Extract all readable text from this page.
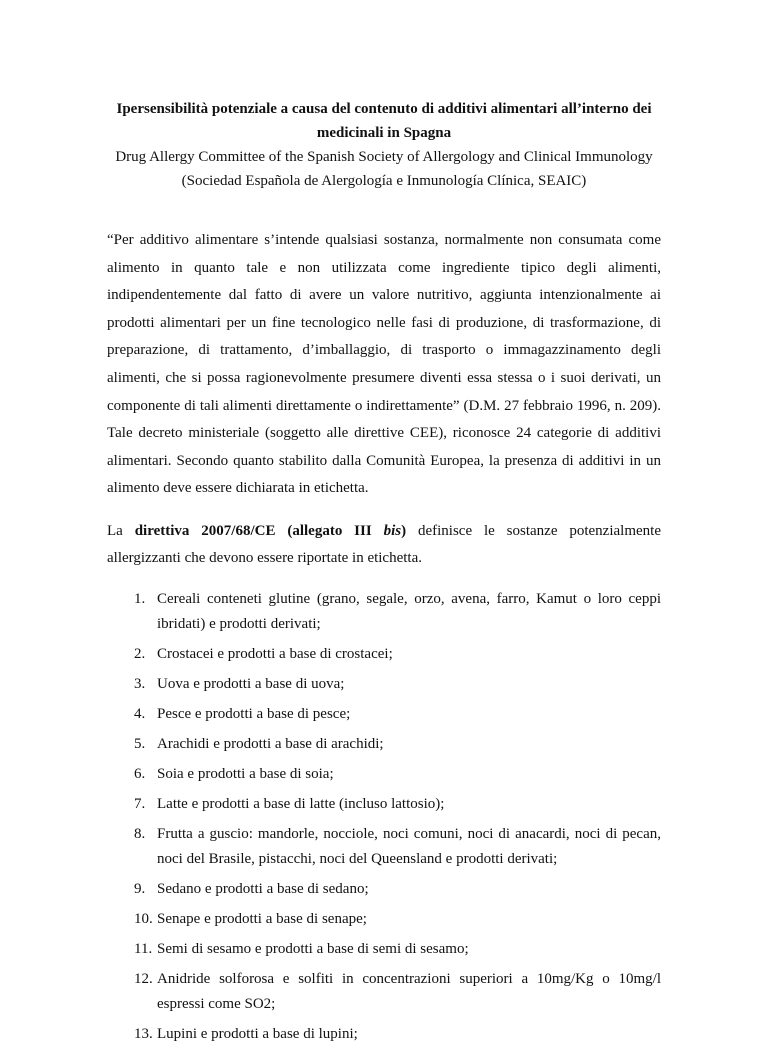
Ipersensibilità potenziale a causa del contenuto di additivi alimentari all’interno dei
medicinali in Spagna

Drug Allergy Committee of the Spanish Society of Allergology and Clinical Immunology
(Sociedad Española de Alergología e Inmunología Clínica, SEAIC)

“Per additivo alimentare s’intende qualsiasi sostanza, normalmente non consumata come alimento in quanto tale e non utilizzata come ingrediente tipico degli alimenti, indipendentemente dal fatto di avere un valore nutritivo, aggiunta intenzionalmente ai prodotti alimentari per un fine tecnologico nelle fasi di produzione, di trasformazione, di preparazione, di trattamento, d’imballaggio, di trasporto o immagazzinamento degli alimenti, che si possa ragionevolmente presumere diventi essa stessa o i suoi derivati, un componente di tali alimenti direttamente o indirettamente” (D.M. 27 febbraio 1996, n. 209). Tale decreto ministeriale (soggetto alle direttive CEE), riconosce 24 categorie di additivi alimentari. Secondo quanto stabilito dalla Comunità Europea, la presenza di additivi in un alimento deve essere dichiarata in etichetta.

La direttiva 2007/68/CE (allegato III bis) definisce le sostanze potenzialmente allergizzanti che devono essere riportate in etichetta.

1. Cereali conteneti glutine (grano, segale, orzo, avena, farro, Kamut o loro ceppi ibridati) e prodotti derivati;
2. Crostacei e prodotti a base di crostacei;
3. Uova e prodotti a base di uova;
4. Pesce e prodotti a base di pesce;
5. Arachidi e prodotti a base di arachidi;
6. Soia e prodotti a base di soia;
7. Latte e prodotti a base di latte (incluso lattosio);
8. Frutta a guscio: mandorle, nocciole, noci comuni, noci di anacardi, noci di pecan, noci del Brasile, pistacchi, noci del Queensland e prodotti derivati;
9. Sedano e prodotti a base di sedano;
10. Senape e prodotti a base di senape;
11. Semi di sesamo e prodotti a base di semi di sesamo;
12. Anidride solforosa e solfiti in concentrazioni superiori a 10mg/Kg o 10mg/l espressi come SO2;
13. Lupini e prodotti a base di lupini;
